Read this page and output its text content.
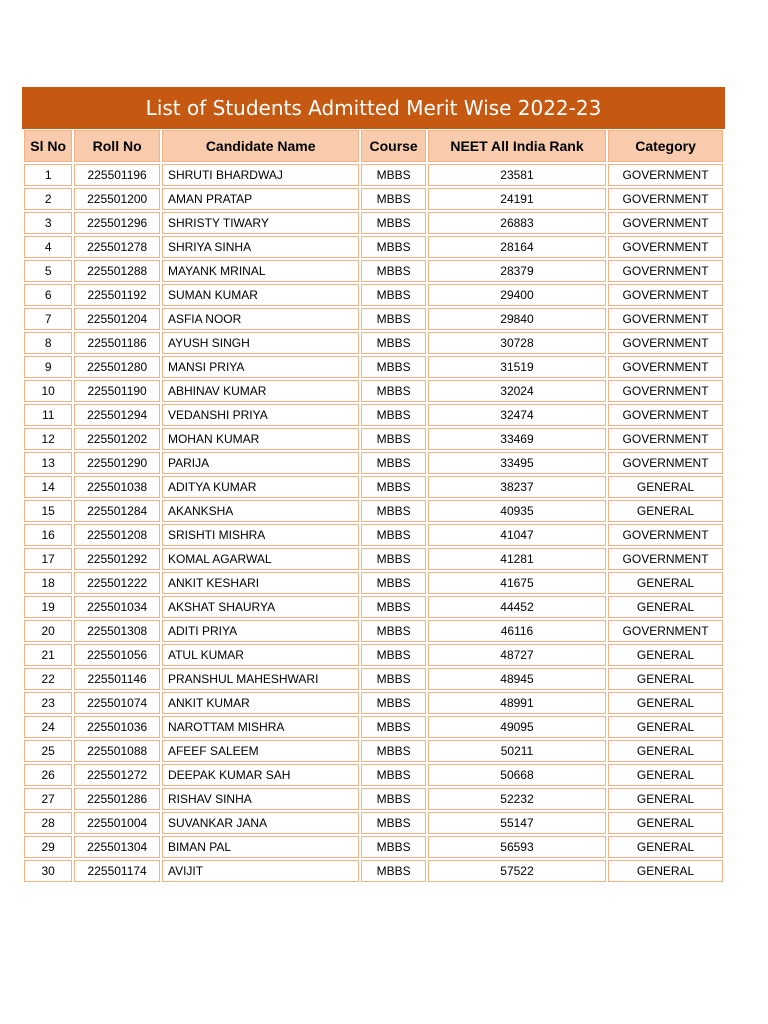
List of Students Admitted Merit Wise 2022-23
Sl No	Roll No	Candidate Name	Course	NEET All India Rank	Category
1	225501196	SHRUTI BHARDWAJ	MBBS	23581	GOVERNMENT
2	225501200	AMAN PRATAP	MBBS	24191	GOVERNMENT
3	225501296	SHRISTY TIWARY	MBBS	26883	GOVERNMENT
4	225501278	SHRIYA SINHA	MBBS	28164	GOVERNMENT
5	225501288	MAYANK MRINAL	MBBS	28379	GOVERNMENT
6	225501192	SUMAN KUMAR	MBBS	29400	GOVERNMENT
7	225501204	ASFIA NOOR	MBBS	29840	GOVERNMENT
8	225501186	AYUSH SINGH	MBBS	30728	GOVERNMENT
9	225501280	MANSI PRIYA	MBBS	31519	GOVERNMENT
10	225501190	ABHINAV KUMAR	MBBS	32024	GOVERNMENT
11	225501294	VEDANSHI PRIYA	MBBS	32474	GOVERNMENT
12	225501202	MOHAN KUMAR	MBBS	33469	GOVERNMENT
13	225501290	PARIJA	MBBS	33495	GOVERNMENT
14	225501038	ADITYA KUMAR	MBBS	38237	GENERAL
15	225501284	AKANKSHA	MBBS	40935	GENERAL
16	225501208	SRISHTI MISHRA	MBBS	41047	GOVERNMENT
17	225501292	KOMAL AGARWAL	MBBS	41281	GOVERNMENT
18	225501222	ANKIT KESHARI	MBBS	41675	GENERAL
19	225501034	AKSHAT SHAURYA	MBBS	44452	GENERAL
20	225501308	ADITI PRIYA	MBBS	46116	GOVERNMENT
21	225501056	ATUL KUMAR	MBBS	48727	GENERAL
22	225501146	PRANSHUL MAHESHWARI	MBBS	48945	GENERAL
23	225501074	ANKIT KUMAR	MBBS	48991	GENERAL
24	225501036	NAROTTAM MISHRA	MBBS	49095	GENERAL
25	225501088	AFEEF SALEEM	MBBS	50211	GENERAL
26	225501272	DEEPAK KUMAR SAH	MBBS	50668	GENERAL
27	225501286	RISHAV SINHA	MBBS	52232	GENERAL
28	225501004	SUVANKAR JANA	MBBS	55147	GENERAL
29	225501304	BIMAN PAL	MBBS	56593	GENERAL
30	225501174	AVIJIT	MBBS	57522	GENERAL
